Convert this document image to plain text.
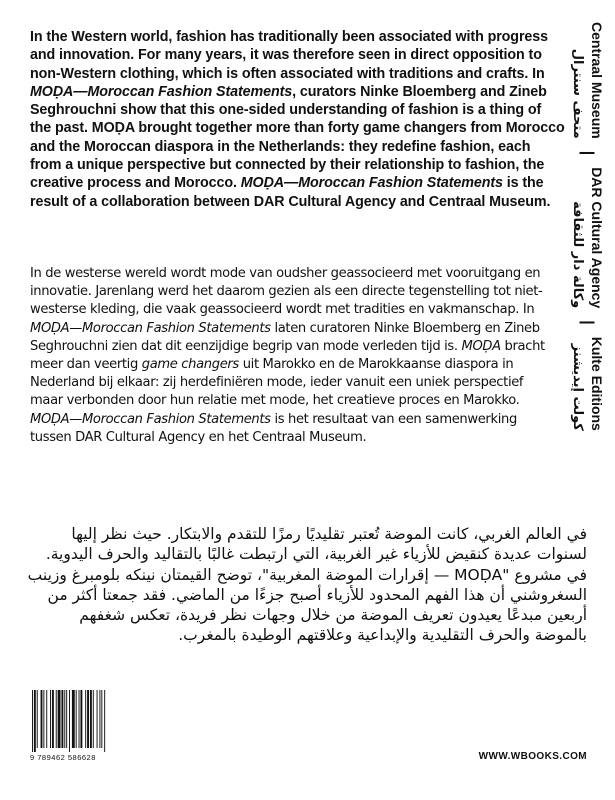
In the Western world, fashion has traditionally been associated with progress and innovation. For many years, it was therefore seen in direct opposition to non-Western clothing, which is often associated with traditions and crafts. In MOḌA—Moroccan Fashion Statements, curators Ninke Bloemberg and Zineb Seghrouchni show that this one-sided understanding of fashion is a thing of the past. MOḌA brought together more than forty game changers from Morocco and the Moroccan diaspora in the Netherlands: they redefine fashion, each from a unique perspective but connected by their relationship to fashion, the creative process and Morocco. MOḌA—Moroccan Fashion Statements is the result of a collaboration between DAR Cultural Agency and Centraal Museum.
In de westerse wereld wordt mode van oudsher geassocieerd met vooruitgang en innovatie. Jarenlang werd het daarom gezien als een directe tegenstelling tot niet-westerse kleding, die vaak geassocieerd wordt met tradities en vakmanschap. In MOḌA—Moroccan Fashion Statements laten curatoren Ninke Bloemberg en Zineb Seghrouchni zien dat dit eenzijdige begrip van mode verleden tijd is. MOḌA bracht meer dan veertig game changers uit Marokko en de Marokkaanse diaspora in Nederland bij elkaar: zij herdefiniëren mode, ieder vanuit een uniek perspectief maar verbonden door hun relatie met mode, het creatieve proces en Marokko. MOḌA—Moroccan Fashion Statements is het resultaat van een samenwerking tussen DAR Cultural Agency en het Centraal Museum.
في العالم الغربي، كانت الموضة تُعتبر تقليديًا رمزًا للتقدم والابتكار. حيث نظر إليها لسنوات عديدة كنقيض للأزياء غير الغربية، التي ارتبطت غالبًا بالتقاليد والحرف اليدوية. في مشروع "MOḌA — إقرارات الموضة المغربية"، توضح القيمتان نينكه بلومبرغ وزينب السغروشني أن هذا الفهم المحدود للأزياء أصبح جزءًا من الماضي. فقد جمعتا أكثر من أربعين مبدعًا يعيدون تعريف الموضة من خلال وجهات نظر فريدة، تعكس شغفهم بالموضة والحرف التقليدية والإبداعية وعلاقتهم الوطيدة بالمغرب.
Centraal Museum
متحف سنترال
|
DAR Cultural Agency
وكالة دار للثقافة
|
Kulte Editions
كولت إيديشنز
9 789462 586628	WWW.WBOOKS.COM
